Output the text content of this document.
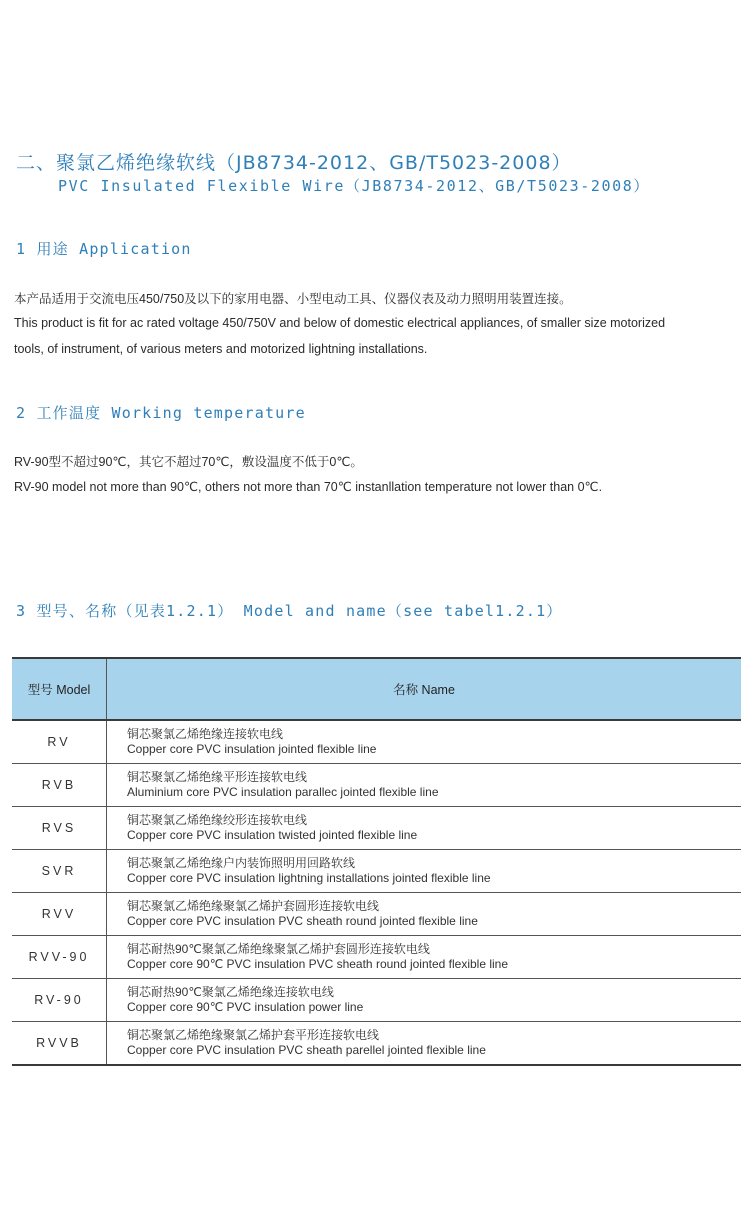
二、聚氯乙烯绝缘软线（JB8734-2012、GB/T5023-2008）
PVC Insulated Flexible Wire（JB8734-2012、GB/T5023-2008）
1 用途 Application
本产品适用于交流电压450/750及以下的家用电器、小型电动工具、仪器仪表及动力照明用装置连接。
This product is fit for ac rated voltage 450/750V and below of domestic electrical appliances, of smaller size motorized
tools, of instrument, of various meters and motorized lightning installations.
2 工作温度 Working temperature
RV-90型不超过90℃，其它不超过70℃，敷设温度不低于0℃。
RV-90 model not more than 90℃, others not more than 70℃ instanllation temperature not lower than 0℃.
3 型号、名称（见表1.2.1） Model and name（see tabel1.2.1）
型号 Model	名称 Name
RV	铜芯聚氯乙烯绝缘连接软电线
Copper core PVC insulation jointed flexible line

RVB	铜芯聚氯乙烯绝缘平形连接软电线
Aluminium core PVC insulation parallec jointed flexible line

RVS	铜芯聚氯乙烯绝缘绞形连接软电线
Copper core PVC insulation twisted jointed flexible line

SVR	铜芯聚氯乙烯绝缘户内装饰照明用回路软线
Copper core PVC insulation lightning installations jointed flexible line

RVV	铜芯聚氯乙烯绝缘聚氯乙烯护套圆形连接软电线
Copper core PVC insulation PVC sheath round jointed flexible line

RVV-90	铜芯耐热90℃聚氯乙烯绝缘聚氯乙烯护套圆形连接软电线
Copper core 90℃ PVC insulation PVC sheath round jointed flexible line

RV-90	铜芯耐热90℃聚氯乙烯绝缘连接软电线
Copper core 90℃ PVC insulation power line

RVVB	铜芯聚氯乙烯绝缘聚氯乙烯护套平形连接软电线
Copper core PVC insulation PVC sheath parellel jointed flexible line
